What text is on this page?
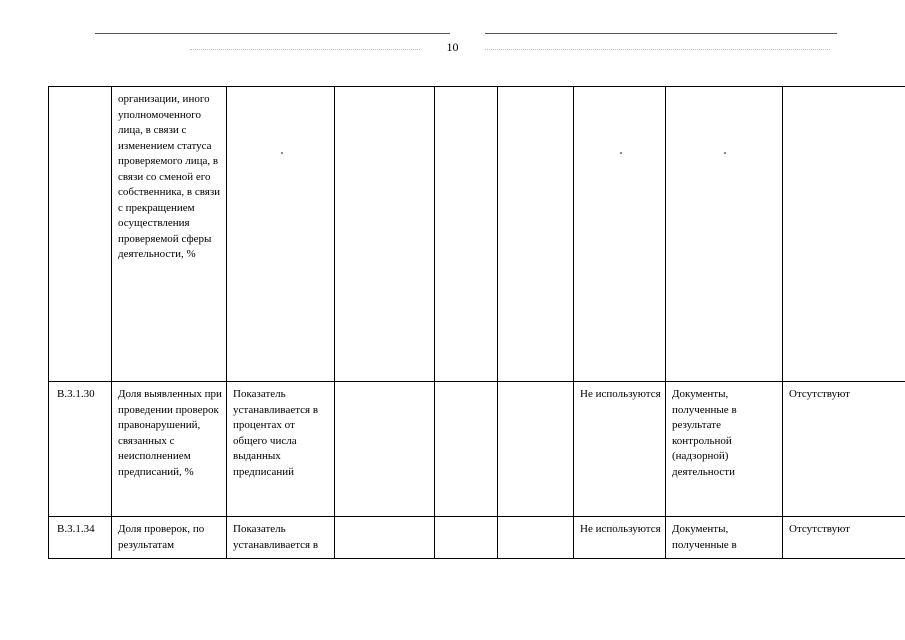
10
	организации, иного уполномоченного лица, в связи с изменением статуса проверяемого лица, в связи со сменой его собственника, в связи с прекращением осуществления проверяемой сферы деятельности, %	

В.3.1.30	Доля выявленных при проведении проверок правонарушений, связанных с неисполнением предписаний, %	Показатель устанавливается в процентах от общего числа выданных предписаний				Не используются	Документы, полученные в результате контрольной (надзорной) деятельности	Отсутствуют
В.3.1.34	Доля проверок, по результатам	Показатель устанавливается в				Не используются	Документы, полученные в	Отсутствуют
